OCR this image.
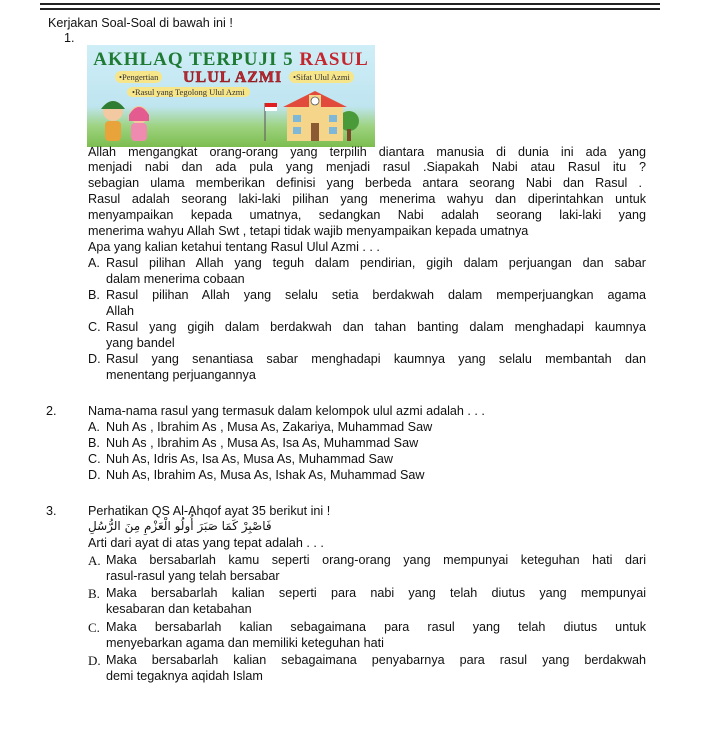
Kerjakan Soal-Soal di bawah ini !
1.
AKHLAQ TERPUJI 5 RASUL
•Pengertian ULUL AZMI	•Sifat Ulul Azmi
•Rasul yang Tegolong Ulul Azmi
Allah mengangkat orang-orang yang terpilih diantara manusia di dunia ini ada yang
menjadi nabi dan ada pula yang menjadi rasul .Siapakah Nabi atau Rasul itu ?
sebagian ulama memberikan definisi yang berbeda antara seorang Nabi dan Rasul .
Rasul adalah seorang laki-laki pilihan yang menerima wahyu dan diperintahkan untuk
menyampaikan kepada umatnya, sedangkan Nabi adalah seorang laki-laki yang
menerima wahyu Allah Swt , tetapi tidak wajib menyampaikan kepada umatnya
Apa yang kalian ketahui tentang Rasul Ulul Azmi . . .
A. Rasul pilihan Allah yang teguh dalam pendirian, gigih dalam perjuangan dan sabar
dalam menerima cobaan
B. Rasul pilihan Allah yang selalu setia berdakwah dalam memperjuangkan agama
Allah
C. Rasul yang gigih dalam berdakwah dan tahan banting dalam menghadapi kaumnya
yang bandel
D. Rasul yang senantiasa sabar menghadapi kaumnya yang selalu membantah dan
menentang perjuangannya
2. Nama-nama rasul yang termasuk dalam kelompok ulul azmi adalah . . .
A. Nuh As , Ibrahim As , Musa As, Zakariya, Muhammad Saw
B. Nuh As , Ibrahim As , Musa As, Isa As, Muhammad Saw
C. Nuh As, Idris As, Isa As, Musa As, Muhammad Saw
D. Nuh As, Ibrahim As, Musa As, Ishak As, Muhammad Saw
3. Perhatikan QS Al-Ahqof ayat 35 berikut ini !
فَاصْبِرْ كَمَا صَبَرَ أُولُو الْعَزْمِ مِنَ الرُّسُلِ
Arti dari ayat di atas yang tepat adalah . . .
A. Maka bersabarlah kamu seperti orang-orang yang mempunyai keteguhan hati dari
rasul-rasul yang telah bersabar
B. Maka bersabarlah kalian seperti para nabi yang telah diutus yang mempunyai
kesabaran dan ketabahan
C. Maka bersabarlah kalian sebagaimana para rasul yang telah diutus untuk
menyebarkan agama dan memiliki keteguhan hati
D. Maka bersabarlah kalian sebagaimana penyabarnya para rasul yang berdakwah
demi tegaknya aqidah Islam
